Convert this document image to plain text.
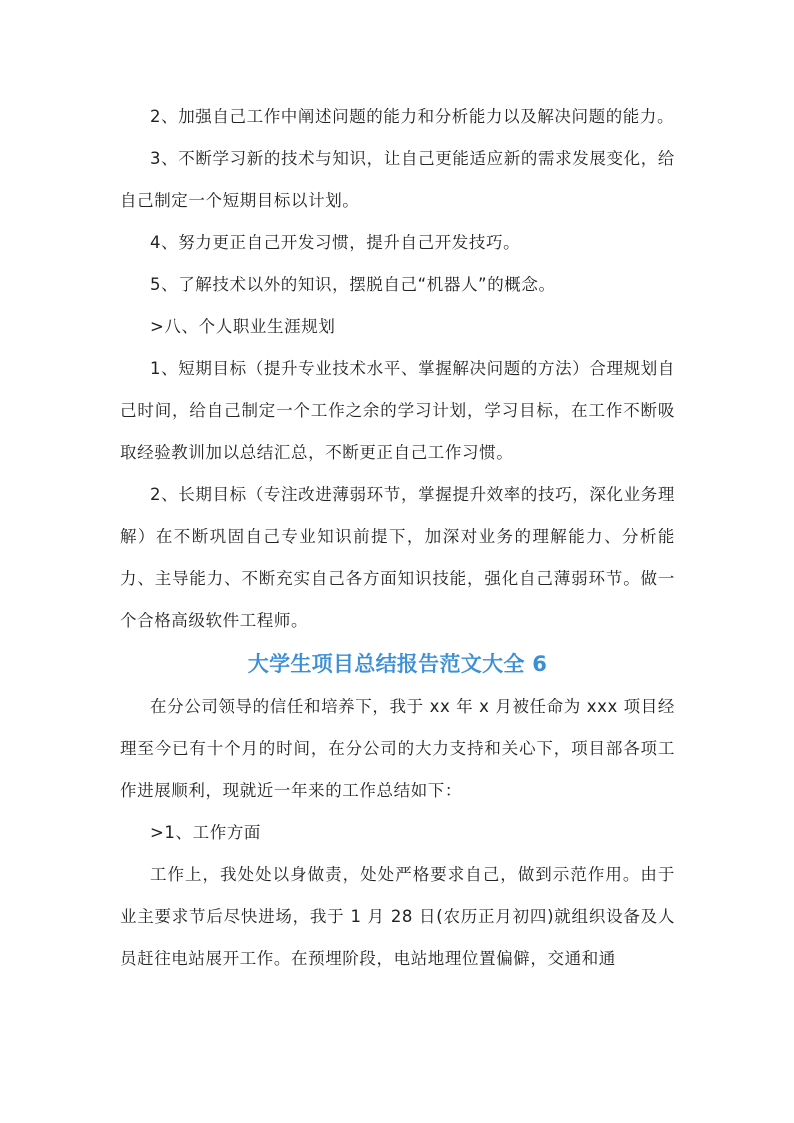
2、加强自己工作中阐述问题的能力和分析能力以及解决问题的能力。

3、不断学习新的技术与知识，让自己更能适应新的需求发展变化，给自己制定一个短期目标以计划。

4、努力更正自己开发习惯，提升自己开发技巧。

5、了解技术以外的知识，摆脱自己“机器人”的概念。

>八、个人职业生涯规划

1、短期目标（提升专业技术水平、掌握解决问题的方法）合理规划自己时间，给自己制定一个工作之余的学习计划，学习目标，在工作不断吸取经验教训加以总结汇总，不断更正自己工作习惯。

2、长期目标（专注改进薄弱环节，掌握提升效率的技巧，深化业务理解）在不断巩固自己专业知识前提下，加深对业务的理解能力、分析能力、主导能力、不断充实自己各方面知识技能，强化自己薄弱环节。做一个合格高级软件工程师。

大学生项目总结报告范文大全 6

在分公司领导的信任和培养下，我于 xx 年 x 月被任命为 xxx 项目经理至今已有十个月的时间，在分公司的大力支持和关心下，项目部各项工作进展顺利，现就近一年来的工作总结如下：

>1、工作方面

工作上，我处处以身做责，处处严格要求自己，做到示范作用。由于业主要求节后尽快进场，我于 1 月 28 日(农历正月初四)就组织设备及人员赶往电站展开工作。在预埋阶段，电站地理位置偏僻，交通和通
